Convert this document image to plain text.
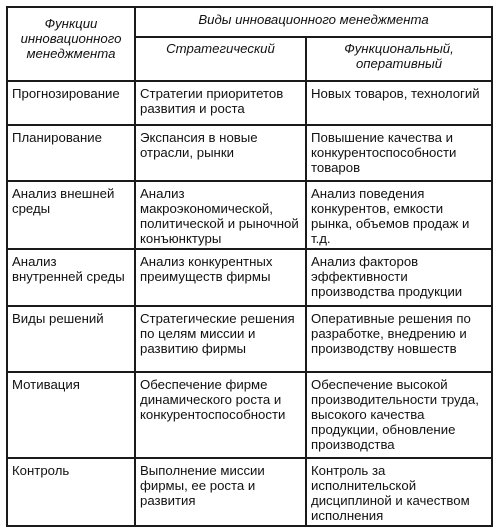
Функции инновационного менеджмента	Виды инновационного менеджмента	
	Стратегический	Функциональный, оперативный
Прогнозирование	Стратегии приоритетов развития и роста	Новых товаров, технологий
Планирование	Экспансия в новые отрасли, рынки	Повышение качества и конкурентоспособности товаров
Анализ внешней среды	Анализ макроэкономической, политической и рыночной конъюнктуры	Анализ поведения конкурентов, емкости рынка, объемов продаж и т.д.
Анализ внутренней среды	Анализ конкурентных преимуществ фирмы	Анализ факторов эффективности производства продукции
Виды решений	Стратегические решения по целям миссии и развитию фирмы	Оперативные решения по разработке, внедрению и производству новшеств
Мотивация	Обеспечение фирме динамического роста и конкурентоспособности	Обеспечение высокой производительности труда, высокого качества продукции, обновление производства
Контроль	Выполнение миссии фирмы, ее роста и развития	Контроль за исполнительской дисциплиной и качеством исполнения
